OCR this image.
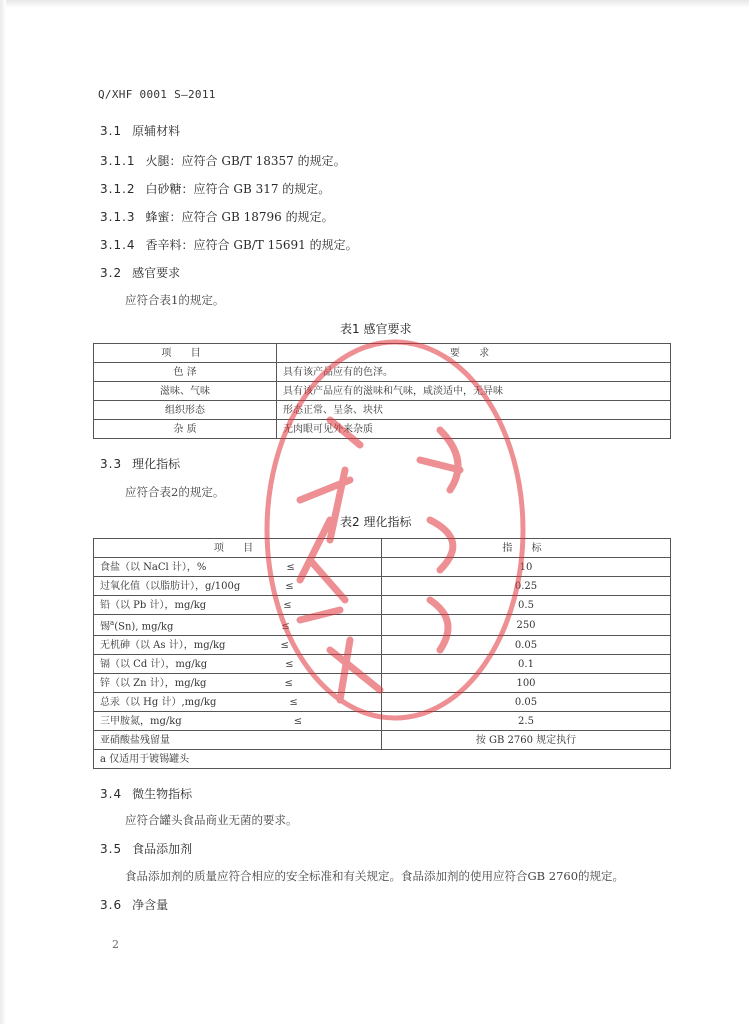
Q/XHF 0001 S—2011
3.1 原辅材料
3.1.1 火腿：应符合 GB/T 18357 的规定。
3.1.2 白砂糖：应符合 GB 317 的规定。
3.1.3 蜂蜜：应符合 GB 18796 的规定。
3.1.4 香辛料：应符合 GB/T 15691 的规定。
3.2 感官要求
应符合表1的规定。
表1 感官要求
项 目	要 求
色 泽	具有该产品应有的色泽。
滋味、气味	具有该产品应有的滋味和气味，咸淡适中，无异味
组织形态	形态正常、呈条、块状
杂 质	无肉眼可见外来杂质
3.3 理化指标
应符合表2的规定。
表2 理化指标
项 目	指 标
食盐（以 NaCl 计），% ≤	10
过氧化值（以脂肪计），g/100g ≤	0.25
铅（以 Pb 计），mg/kg ≤	0.5
锡$^a$(Sn), mg/kg ≤	250
无机砷（以 As 计），mg/kg ≤	0.05
镉（以 Cd 计），mg/kg ≤	0.1
锌（以 Zn 计），mg/kg ≤	100
总汞（以 Hg 计）,mg/kg ≤	0.05
三甲胺氮，mg/kg ≤	2.5
亚硝酸盐残留量	按 GB 2760 规定执行
a 仅适用于镀锡罐头	
3.4 微生物指标
应符合罐头食品商业无菌的要求。
3.5 食品添加剂
食品添加剂的质量应符合相应的安全标准和有关规定。食品添加剂的使用应符合GB 2760的规定。
3.6 净含量
2
